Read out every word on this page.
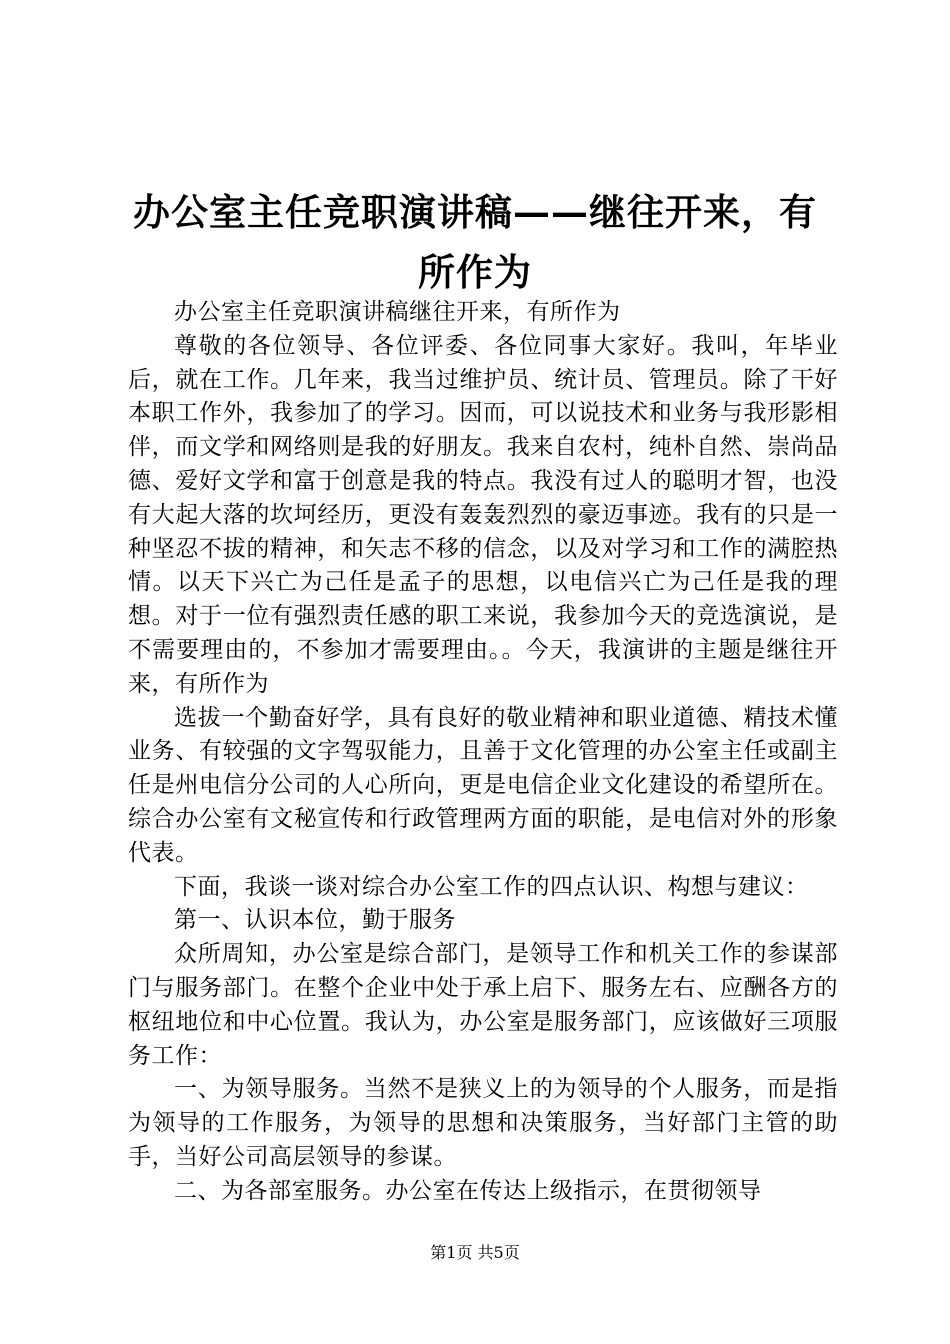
办公室主任竞职演讲稿——继往开来，有所作为

办公室主任竞职演讲稿继往开来，有所作为

尊敬的各位领导、各位评委、各位同事大家好。我叫，年毕业后，就在工作。几年来，我当过维护员、统计员、管理员。除了干好本职工作外，我参加了的学习。因而，可以说技术和业务与我形影相伴，而文学和网络则是我的好朋友。我来自农村，纯朴自然、崇尚品德、爱好文学和富于创意是我的特点。我没有过人的聪明才智，也没有大起大落的坎坷经历，更没有轰轰烈烈的豪迈事迹。我有的只是一种坚忍不拔的精神，和矢志不移的信念，以及对学习和工作的满腔热情。以天下兴亡为己任是孟子的思想，以电信兴亡为己任是我的理想。对于一位有强烈责任感的职工来说，我参加今天的竞选演说，是不需要理由的，不参加才需要理由。。今天，我演讲的主题是继往开来，有所作为

选拔一个勤奋好学，具有良好的敬业精神和职业道德、精技术懂业务、有较强的文字驾驭能力，且善于文化管理的办公室主任或副主任是州电信分公司的人心所向，更是电信企业文化建设的希望所在。综合办公室有文秘宣传和行政管理两方面的职能，是电信对外的形象代表。

下面，我谈一谈对综合办公室工作的四点认识、构想与建议：

第一、认识本位，勤于服务

众所周知，办公室是综合部门，是领导工作和机关工作的参谋部门与服务部门。在整个企业中处于承上启下、服务左右、应酬各方的枢纽地位和中心位置。我认为，办公室是服务部门，应该做好三项服务工作：

一、为领导服务。当然不是狭义上的为领导的个人服务，而是指为领导的工作服务，为领导的思想和决策服务，当好部门主管的助手，当好公司高层领导的参谋。

二、为各部室服务。办公室在传达上级指示，在贯彻领导

第1页 共5页
